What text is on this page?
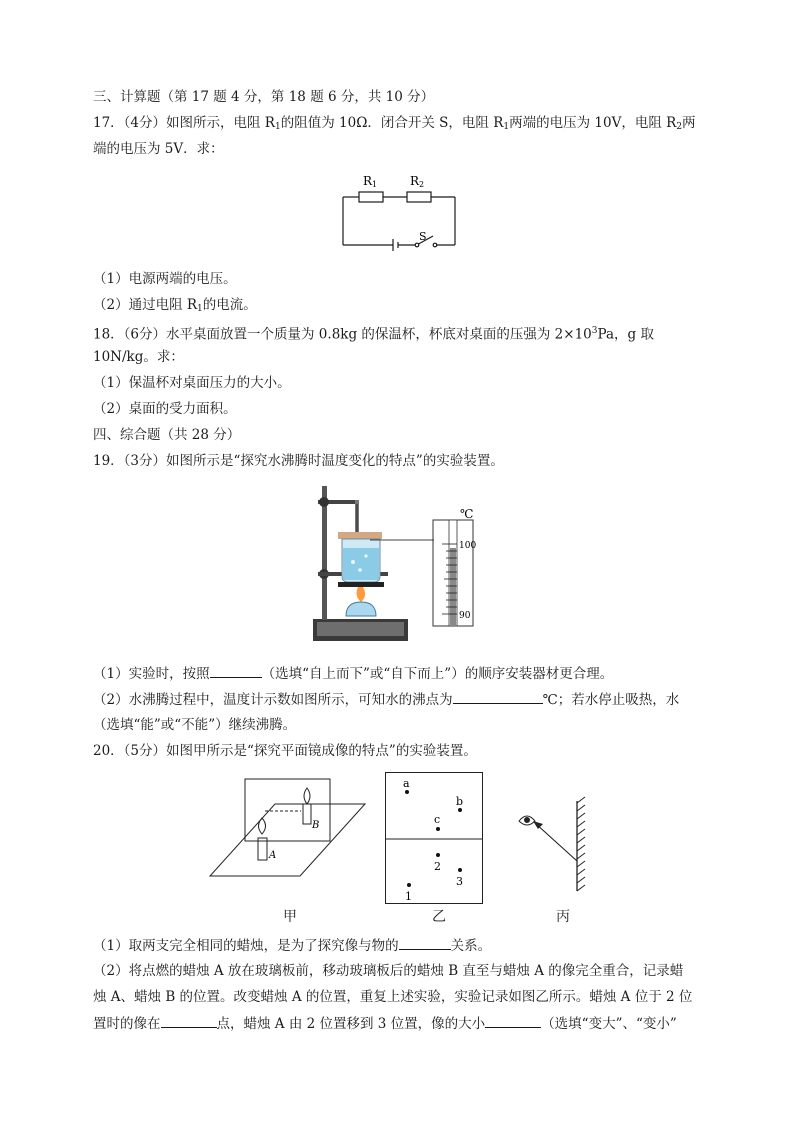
三、计算题（第 17 题 4 分，第 18 题 6 分，共 10 分）
17．（4分）如图所示，电阻 $R_1$的阻值为 10Ω．闭合开关 S，电阻 $R_1$两端的电压为 10V，电阻 $R_2$两
端的电压为 5V．求：
R1	R2
S
（1）电源两端的电压。
（2）通过电阻 $R_1$的电流。
18．（6分）水平桌面放置一个质量为 0.8kg 的保温杯，杯底对桌面的压强为 $2\times 10^3Pa$，g 取
10N/kg。求：
（1）保温杯对桌面压力的大小。
（2）桌面的受力面积。
四、综合题（共 28 分）
19．（3分）如图所示是“探究水沸腾时温度变化的特点”的实验装置。
℃
100
90
（1）实验时，按照	（选填“自上而下”或“自下而上”）的顺序安装器材更合理。
（2）水沸腾过程中，温度计示数如图所示，可知水的沸点为	℃；若水停止吸热，水
（选填“能”或“不能”）继续沸腾。
20．（5分）如图甲所示是“探究平面镜成像的特点”的实验装置。
B
A
a
b
c
2
3
1
甲	乙	丙
（1）取两支完全相同的蜡烛，是为了探究像与物的	关系。
（2）将点燃的蜡烛 A 放在玻璃板前，移动玻璃板后的蜡烛 B 直至与蜡烛 A 的像完全重合，记录蜡
烛 A、蜡烛 B 的位置。改变蜡烛 A 的位置，重复上述实验，实验记录如图乙所示。蜡烛 A 位于 2 位
置时的像在	点，蜡烛 A 由 2 位置移到 3 位置，像的大小	（选填“变大”、“变小”
